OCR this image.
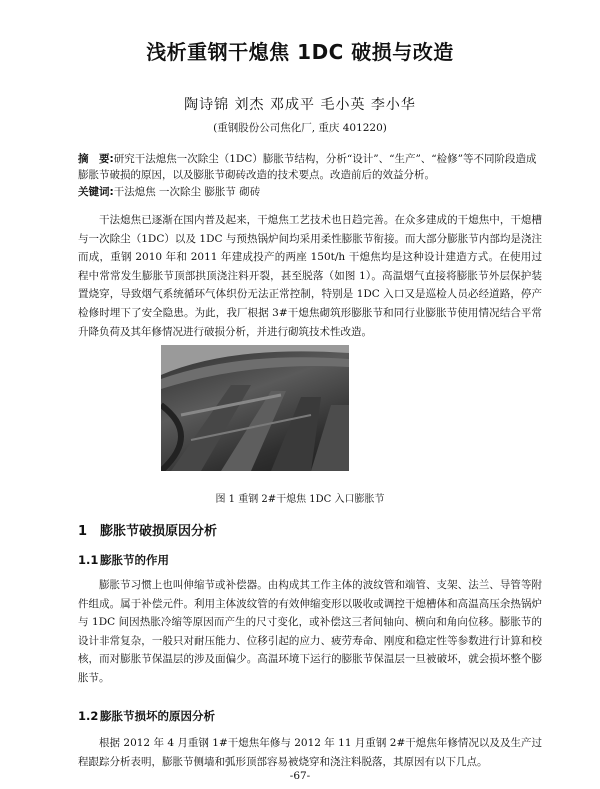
浅析重钢干熄焦 1DC 破损与改造
陶诗锦 刘杰 邓成平 毛小英 李小华
(重钢股份公司焦化厂, 重庆 401220)
摘　要:研究干法熄焦一次除尘（1DC）膨胀节结构，分析“设计”、“生产”、“检修”等不同阶段造成膨胀节破损的原因，以及膨胀节砌砖改造的技术要点。改造前后的效益分析。
关键词:干法熄焦 一次除尘 膨胀节 砌砖
干法熄焦已逐渐在国内普及起来，干熄焦工艺技术也日趋完善。在众多建成的干熄焦中，干熄槽与一次除尘（1DC）以及 1DC 与预热锅炉间均采用柔性膨胀节衔接。而大部分膨胀节内部均是浇注而成，重钢 2010 年和 2011 年建成投产的两座 150t/h 干熄焦均是这种设计建造方式。在使用过程中常常发生膨胀节顶部拱顶浇注料开裂，甚至脱落（如图 1）。高温烟气直接将膨胀节外层保护装置烧穿，导致烟气系统循环气体织份无法正常控制，特别是 1DC 入口又是巡检人员必经道路，停产检修时埋下了安全隐患。为此，我厂根据 3#干熄焦砌筑形膨胀节和同行业膨胀节使用情况结合平常升降负荷及其年修情况进行破损分析，并进行砌筑技术性改造。
图 1 重钢 2#干熄焦 1DC 入口膨胀节
1 膨胀节破损原因分析
1.1 膨胀节的作用
膨胀节习惯上也叫伸缩节或补偿器。由构成其工作主体的波纹管和端管、支架、法兰、导管等附件组成。属于补偿元件。利用主体波纹管的有效伸缩变形以吸收或调控干熄槽体和高温高压余热锅炉与 1DC 间因热胀冷缩等原因而产生的尺寸变化，或补偿这三者间轴向、横向和角向位移。膨胀节的设计非常复杂，一般只对耐压能力、位移引起的应力、疲劳寿命、刚度和稳定性等参数进行计算和校核，而对膨胀节保温层的涉及面偏少。高温环境下运行的膨胀节保温层一旦被破坏，就会损坏整个膨胀节。
1.2 膨胀节损坏的原因分析
根据 2012 年 4 月重钢 1#干熄焦年修与 2012 年 11 月重钢 2#干熄焦年修情况以及及生产过程跟踪分析表明，膨胀节侧墙和弧形顶部容易被烧穿和浇注料脱落，其原因有以下几点。
-67-
